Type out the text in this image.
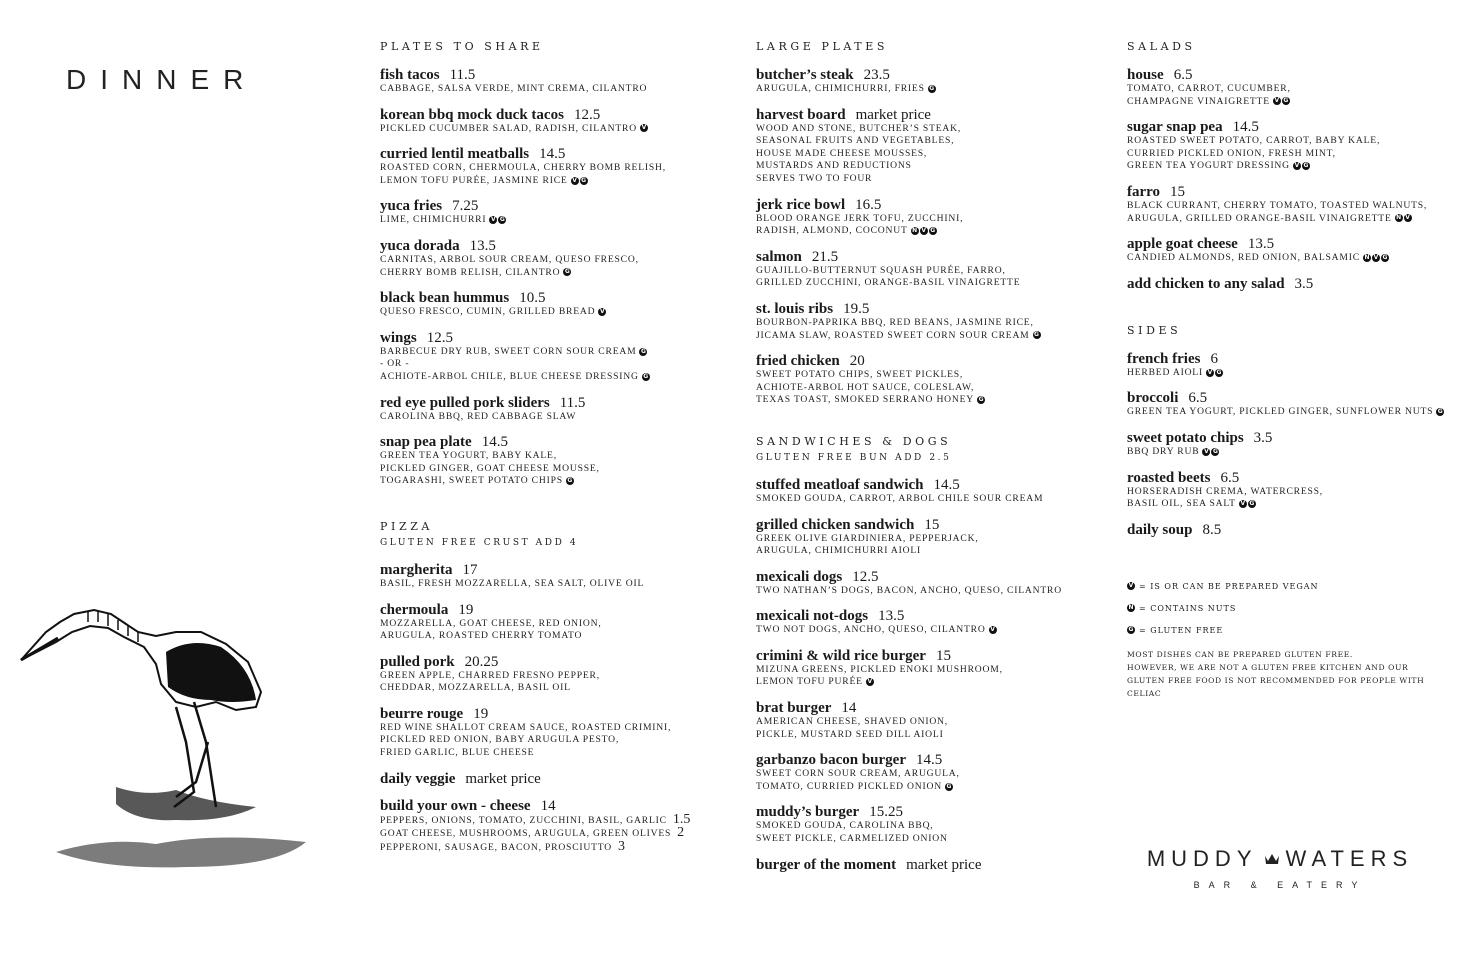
DINNER
PLATES TO SHARE
fish tacos 11.5
CABBAGE, SALSA VERDE, MINT CREMA, CILANTRO
korean bbq mock duck tacos 12.5
PICKLED CUCUMBER SALAD, RADISH, CILANTRO V
curried lentil meatballs 14.5
ROASTED CORN, CHERMOULA, CHERRY BOMB RELISH,
LEMON TOFU PURÉE, JASMINE RICE V G
yuca fries 7.25
LIME, CHIMICHURRI V G
yuca dorada 13.5
CARNITAS, ARBOL SOUR CREAM, QUESO FRESCO,
CHERRY BOMB RELISH, CILANTRO G
black bean hummus 10.5
QUESO FRESCO, CUMIN, GRILLED BREAD V
wings 12.5
BARBECUE DRY RUB, SWEET CORN SOUR CREAM G
- OR -
ACHIOTE-ARBOL CHILE, BLUE CHEESE DRESSING G
red eye pulled pork sliders 11.5
CAROLINA BBQ, RED CABBAGE SLAW
snap pea plate 14.5
GREEN TEA YOGURT, BABY KALE,
PICKLED GINGER, GOAT CHEESE MOUSSE,
TOGARASHI, SWEET POTATO CHIPS G
PIZZA
GLUTEN FREE CRUST ADD 4
margherita 17
BASIL, FRESH MOZZARELLA, SEA SALT, OLIVE OIL
chermoula 19
MOZZARELLA, GOAT CHEESE, RED ONION,
ARUGULA, ROASTED CHERRY TOMATO
pulled pork 20.25
GREEN APPLE, CHARRED FRESNO PEPPER,
CHEDDAR, MOZZARELLA, BASIL OIL
beurre rouge 19
RED WINE SHALLOT CREAM SAUCE, ROASTED CRIMINI,
PICKLED RED ONION, BABY ARUGULA PESTO,
FRIED GARLIC, BLUE CHEESE
daily veggie market price
build your own - cheese 14
PEPPERS, ONIONS, TOMATO, ZUCCHINI, BASIL, GARLIC 1.5
GOAT CHEESE, MUSHROOMS, ARUGULA, GREEN OLIVES 2
PEPPERONI, SAUSAGE, BACON, PROSCIUTTO 3
LARGE PLATES
butcher’s steak 23.5
ARUGULA, CHIMICHURRI, FRIES G
harvest board market price
WOOD AND STONE, BUTCHER’S STEAK,
SEASONAL FRUITS AND VEGETABLES,
HOUSE MADE CHEESE MOUSSES,
MUSTARDS AND REDUCTIONS
SERVES TWO TO FOUR
jerk rice bowl 16.5
BLOOD ORANGE JERK TOFU, ZUCCHINI,
RADISH, ALMOND, COCONUT N V G
salmon 21.5
GUAJILLO-BUTTERNUT SQUASH PURÉE, FARRO,
GRILLED ZUCCHINI, ORANGE-BASIL VINAIGRETTE
st. louis ribs 19.5
BOURBON-PAPRIKA BBQ, RED BEANS, JASMINE RICE,
JICAMA SLAW, ROASTED SWEET CORN SOUR CREAM G
fried chicken 20
SWEET POTATO CHIPS, SWEET PICKLES,
ACHIOTE-ARBOL HOT SAUCE, COLESLAW,
TEXAS TOAST, SMOKED SERRANO HONEY G
SANDWICHES & DOGS
GLUTEN FREE BUN ADD 2.5
stuffed meatloaf sandwich 14.5
SMOKED GOUDA, CARROT, ARBOL CHILE SOUR CREAM
grilled chicken sandwich 15
GREEK OLIVE GIARDINIERA, PEPPERJACK,
ARUGULA, CHIMICHURRI AIOLI
mexicali dogs 12.5
TWO NATHAN’S DOGS, BACON, ANCHO, QUESO, CILANTRO
mexicali not-dogs 13.5
TWO NOT DOGS, ANCHO, QUESO, CILANTRO V
crimini & wild rice burger 15
MIZUNA GREENS, PICKLED ENOKI MUSHROOM,
LEMON TOFU PURÉE V
brat burger 14
AMERICAN CHEESE, SHAVED ONION,
PICKLE, MUSTARD SEED DILL AIOLI
garbanzo bacon burger 14.5
SWEET CORN SOUR CREAM, ARUGULA,
TOMATO, CURRIED PICKLED ONION G
muddy’s burger 15.25
SMOKED GOUDA, CAROLINA BBQ,
SWEET PICKLE, CARMELIZED ONION
burger of the moment market price
SALADS
house 6.5
TOMATO, CARROT, CUCUMBER,
CHAMPAGNE VINAIGRETTE V G
sugar snap pea 14.5
ROASTED SWEET POTATO, CARROT, BABY KALE,
CURRIED PICKLED ONION, FRESH MINT,
GREEN TEA YOGURT DRESSING V G
farro 15
BLACK CURRANT, CHERRY TOMATO, TOASTED WALNUTS,
ARUGULA, GRILLED ORANGE-BASIL VINAIGRETTE N V
apple goat cheese 13.5
CANDIED ALMONDS, RED ONION, BALSAMIC N V G
add chicken to any salad 3.5
SIDES
french fries 6
HERBED AIOLI V G
broccoli 6.5
GREEN TEA YOGURT, PICKLED GINGER, SUNFLOWER NUTS G
sweet potato chips 3.5
BBQ DRY RUB V G
roasted beets 6.5
HORSERADISH CREMA, WATERCRESS,
BASIL OIL, SEA SALT V G
daily soup 8.5
V = IS OR CAN BE PREPARED VEGAN
N = CONTAINS NUTS
G = GLUTEN FREE
MOST DISHES CAN BE PREPARED GLUTEN FREE.
HOWEVER, WE ARE NOT A GLUTEN FREE KITCHEN AND OUR
GLUTEN FREE FOOD IS NOT RECOMMENDED FOR PEOPLE WITH CELIAC
MUDDY WATERS
BAR & EATERY
